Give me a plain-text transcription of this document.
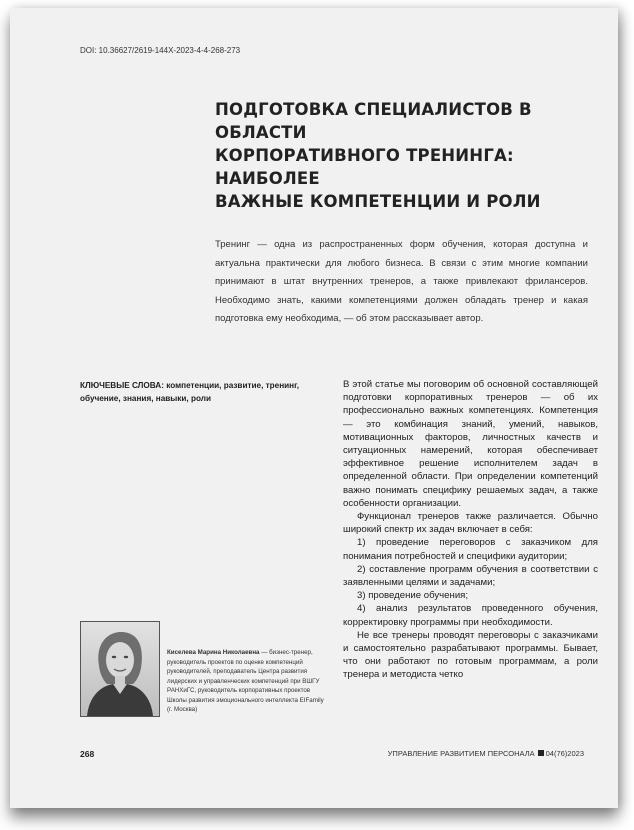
DOI: 10.36627/2619-144X-2023-4-4-268-273
ПОДГОТОВКА СПЕЦИАЛИСТОВ В ОБЛАСТИ
КОРПОРАТИВНОГО ТРЕНИНГА: НАИБОЛЕЕ
ВАЖНЫЕ КОМПЕТЕНЦИИ И РОЛИ
Тренинг — одна из распространенных форм обучения, которая доступна и актуальна практически для любого бизнеса. В связи с этим многие компании принимают в штат внутренних тренеров, а также привлекают фрилансеров. Необходимо знать, какими компетенциями должен обладать тренер и какая подготовка ему необходима, — об этом рассказывает автор.
КЛЮЧЕВЫЕ СЛОВА: компетенции, развитие, тренинг, обучение, знания, навыки, роли

В этой статье мы поговорим об основной составляющей подготовки корпоративных тренеров — об их профессионально важных компетенциях. Компетенция — это комбинация знаний, умений, навыков, мотивационных факторов, личностных качеств и ситуационных намерений, которая обеспечивает эффективное решение исполнителем задач в определенной области. При определении компетенций важно понимать специфику решаемых задач, а также особенности организации.

Функционал тренеров также различается. Обычно широкий спектр их задач включает в себя:

1) проведение переговоров с заказчиком для понимания потребностей и специфики аудитории;

2) составление программ обучения в соответствии с заявленными целями и задачами;

3) проведение обучения;

4) анализ результатов проведенного обучения, корректировку программы при необходимости.

Не все тренеры проводят переговоры с заказчиками и самостоятельно разрабатывают программы. Бывает, что они работают по готовым программам, а роли тренера и методиста четко

Киселева Марина Николаевна — бизнес-тренер, руководитель проектов по оценке компетенций руководителей, преподаватель Центра развития лидерских и управленческих компетенций при ВШГУ РАНХиГС, руководитель корпоративных проектов Школы развития эмоционального интеллекта EIFamily (г. Москва)
268	УПРАВЛЕНИЕ РАЗВИТИЕМ ПЕРСОНАЛА 04(76)2023
